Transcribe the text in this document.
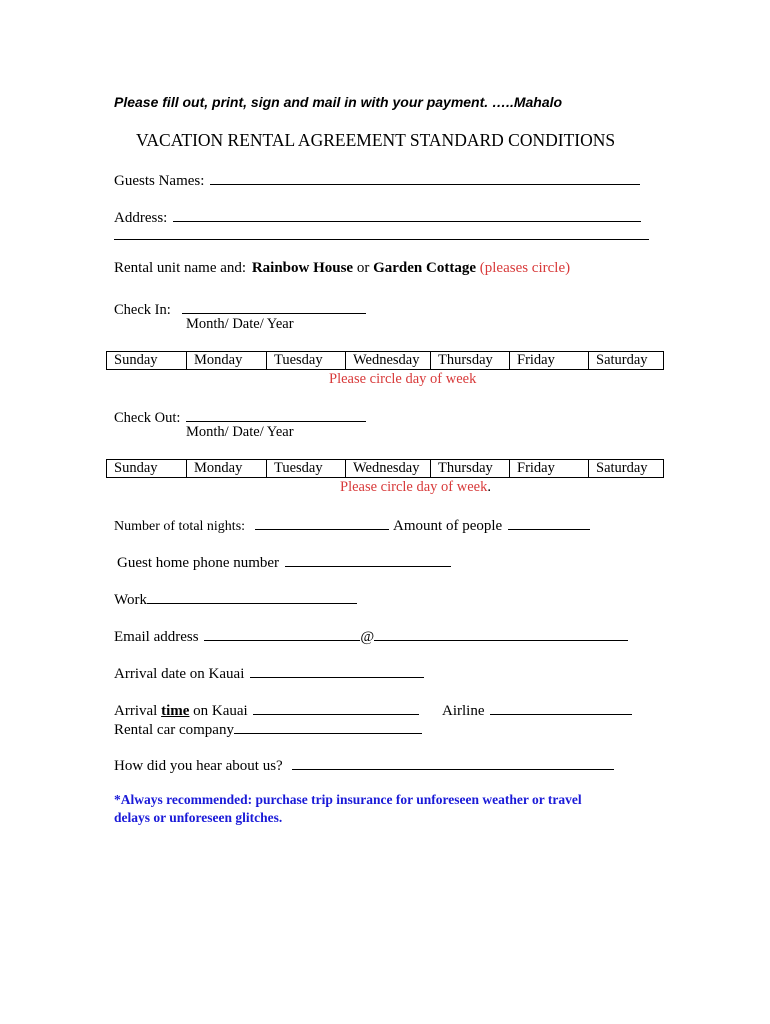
Please fill out, print, sign and mail in with your payment. …..Mahalo
VACATION RENTAL AGREEMENT STANDARD CONDITIONS
Guests Names:
Address:
Rental unit name and: Rainbow House or Garden Cottage (pleases circle)
Check In:
Month/ Date/ Year
Sunday	Monday	Tuesday	Wednesday	Thursday	Friday	Saturday
Please circle day of week
Check Out:
Month/ Date/ Year
Sunday	Monday	Tuesday	Wednesday	Thursday	Friday	Saturday
Please circle day of week.
Number of total nights:	Amount of people
Guest home phone number
Work
Email address	@
Arrival date on Kauai
Arrival time on Kauai	Airline
Rental car company
How did you hear about us?
*Always recommended: purchase trip insurance for unforeseen weather or travel
delays or unforeseen glitches.
